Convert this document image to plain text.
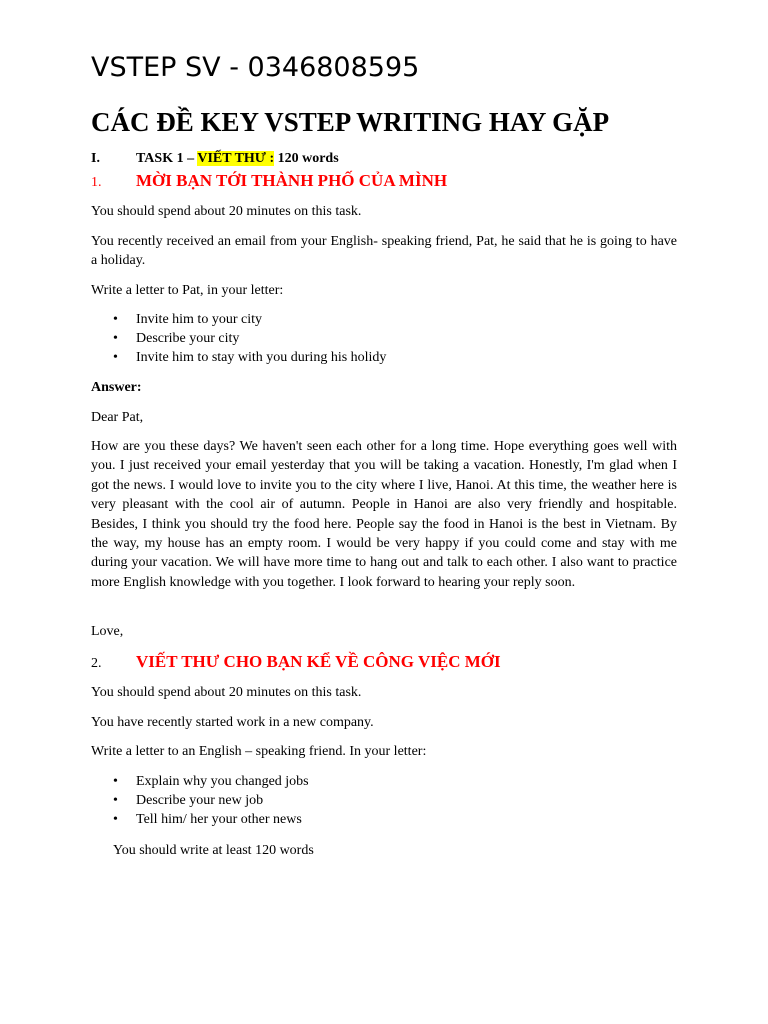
VSTEP SV - 0346808595
CÁC ĐỀ KEY VSTEP WRITING HAY GẶP
I.	TASK 1 – VIẾT THƯ : 120 words
1. MỜI BẠN TỚI THÀNH PHỐ CỦA MÌNH
You should spend about 20 minutes on this task.
You recently received an email from your English- speaking friend, Pat, he said that he is going to have a holiday.
Write a letter to Pat, in your letter:
• Invite him to your city
• Describe your city
• Invite him to stay with you during his holidy
Answer:
Dear Pat,
How are you these days? We haven't seen each other for a long time. Hope everything goes well with you. I just received your email yesterday that you will be taking a vacation. Honestly, I'm glad when I got the news. I would love to invite you to the city where I live, Hanoi. At this time, the weather here is very pleasant with the cool air of autumn. People in Hanoi are also very friendly and hospitable. Besides, I think you should try the food here. People say the food in Hanoi is the best in Vietnam. By the way, my house has an empty room. I would be very happy if you could come and stay with me during your vacation. We will have more time to hang out and talk to each other. I also want to practice more English knowledge with you together. I look forward to hearing your reply soon.
Love,
2. VIẾT THƯ CHO BẠN KỂ VỀ CÔNG VIỆC MỚI
You should spend about 20 minutes on this task.
You have recently started work in a new company.
Write a letter to an English – speaking friend. In your letter:
• Explain why you changed jobs
• Describe your new job
• Tell him/ her your other news
You should write at least 120 words
